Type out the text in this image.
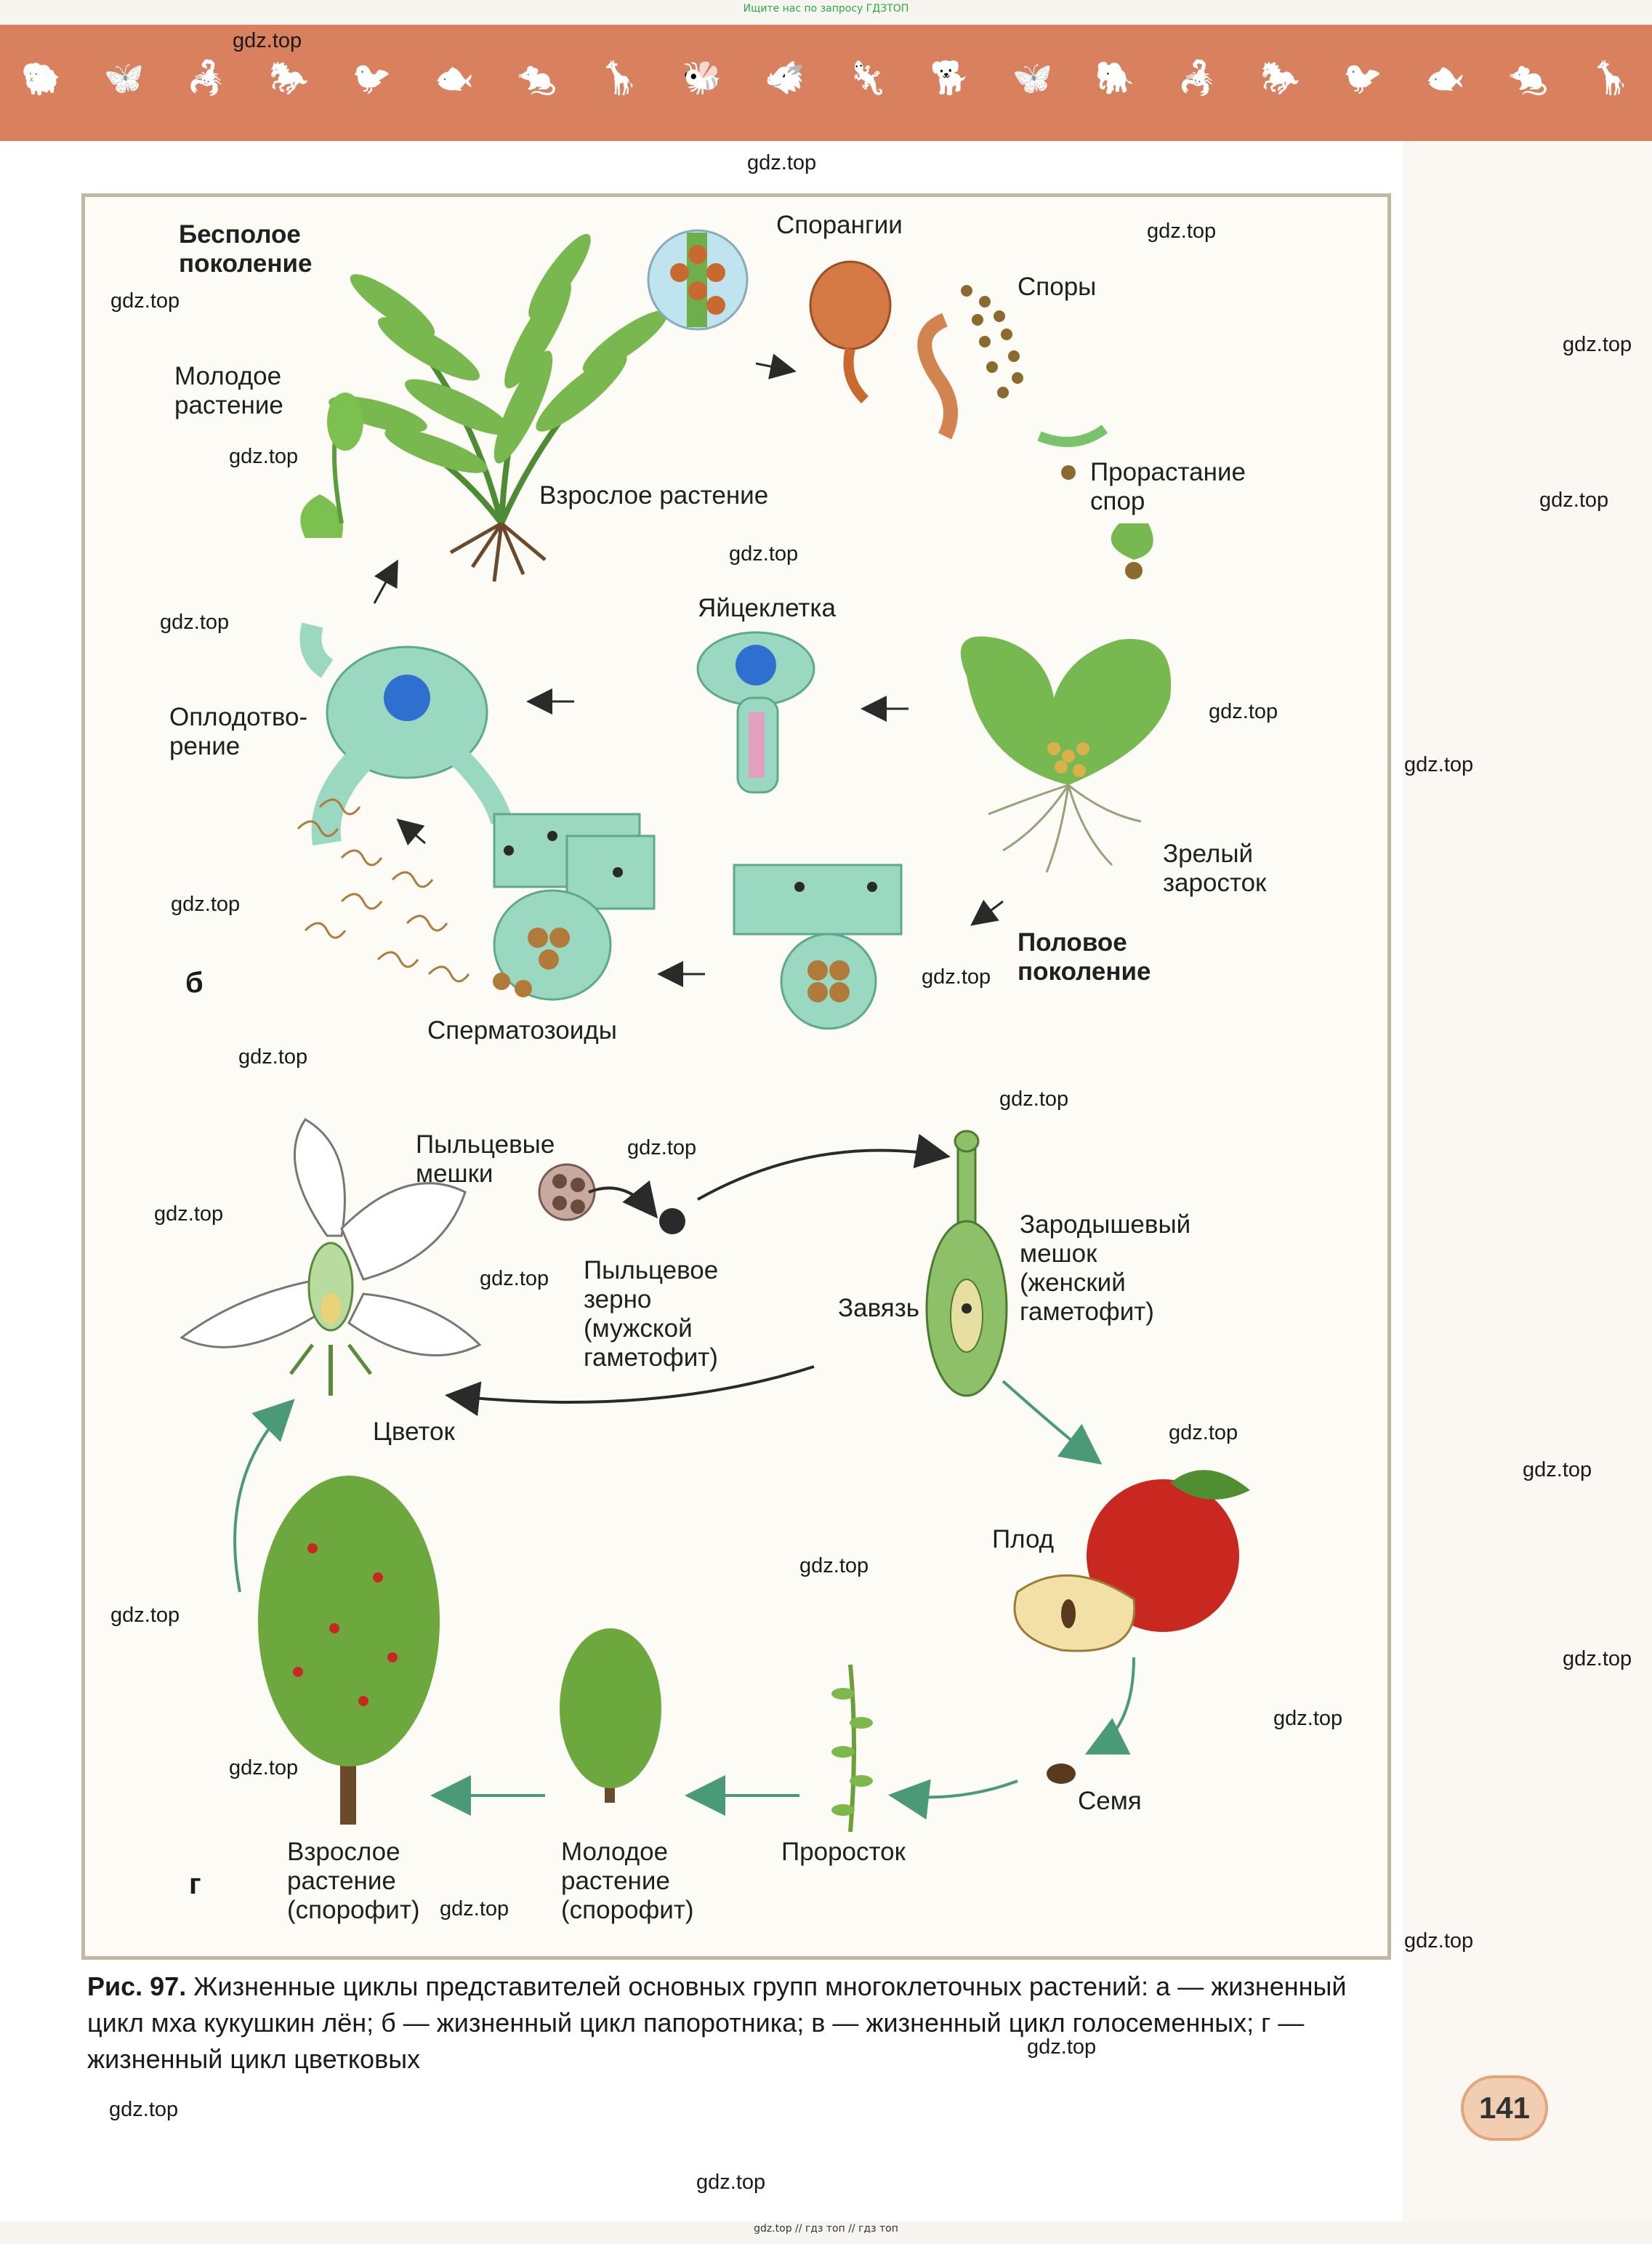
Ищите нас по запросу ГДЗТОП
🐏 🦋 🦂 🐎 🐦 🐟 🐀 🦒 🐝 🐗 🦎 🐕 🦋 🐘 🦂 🐎 🐦 🐟 🐀 🦒
Бесполое
поколение
Молодое
растение
Спорангии
Споры
Взрослое растение
Прорастание
спор
Яйцеклетка
Оплодотво-
рение
Зрелый
заросток
Половое
поколение
Сперматозоиды
б
Пыльцевые
мешки
Пыльцевое
зерно
(мужской
гаметофит)
Завязь
Зародышевый
мешок
(женский
гаметофит)
Цветок
Плод
Семя
Проросток
Молодое
растение
(спорофит)
Взрослое
растение
(спорофит)
г
Рис. 97. Жизненные циклы представителей основных групп многоклеточных растений: а — жизненный цикл мха кукушкин лён; б — жизненный цикл папоротника; в — жизненный цикл голосеменных; г — жизненный цикл цветковых
141
gdz.top
gdz.top
gdz.top
gdz.top
gdz.top
gdz.top
gdz.top
gdz.top
gdz.top
gdz.top
gdz.top
gdz.top
gdz.top
gdz.top
gdz.top
gdz.top
gdz.top
gdz.top
gdz.top
gdz.top
gdz.top
gdz.top
gdz.top
gdz.top
gdz.top
gdz.top
gdz.top
gdz.top
gdz.top
gdz.top
gdz.top // гдз топ // гдз топ
